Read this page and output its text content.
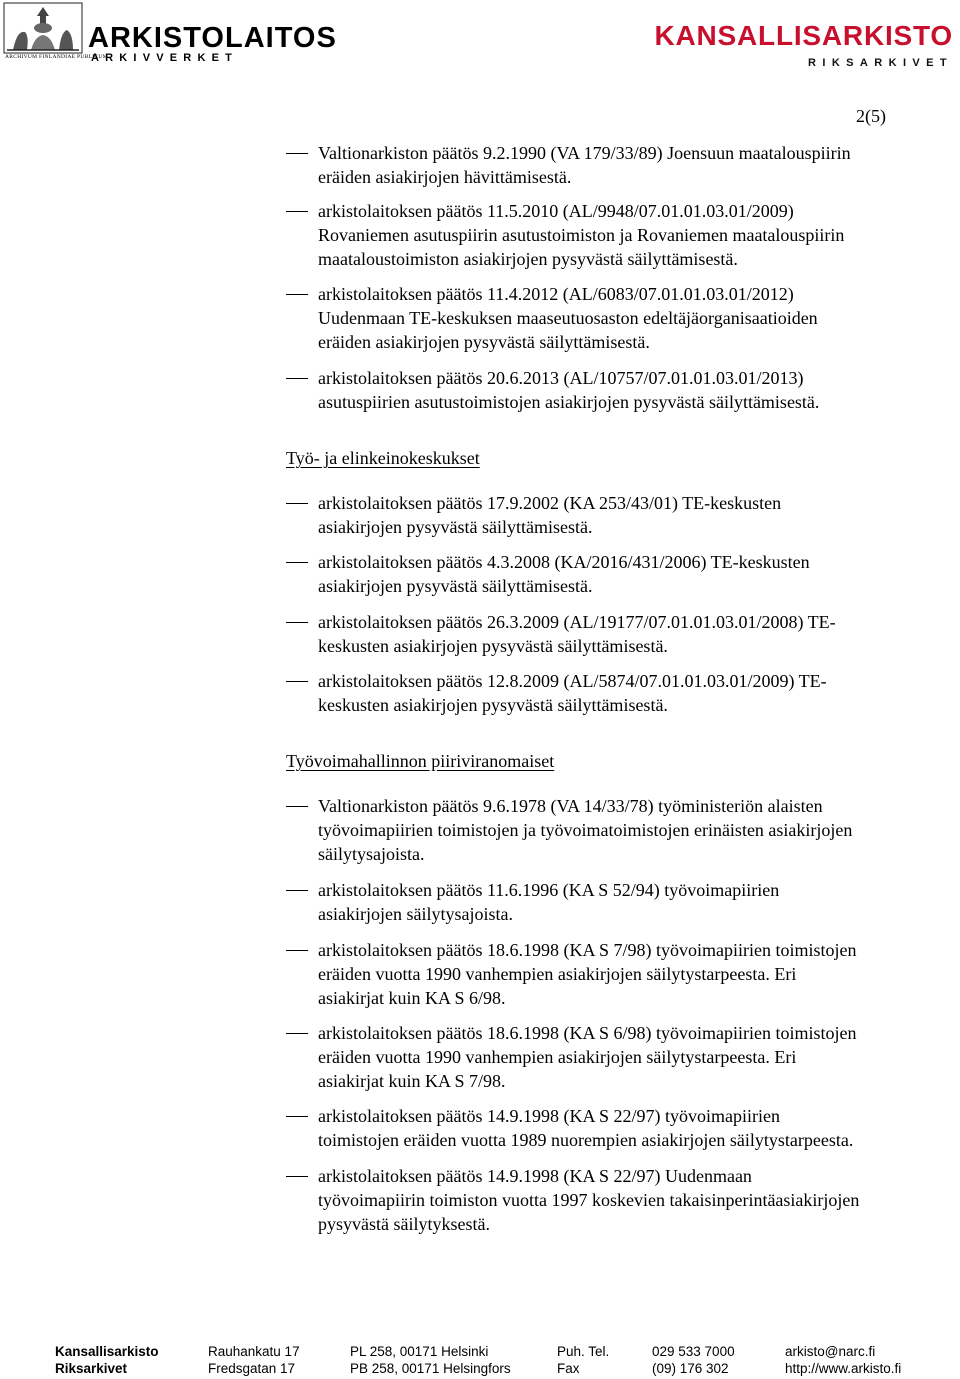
ARKISTOLAITOS
ARKIVVERKET
ARCHIVUM FINLANDIAE PUBLICUM
KANSALLISARKISTO
RIKSARKIVET
2(5)
Valtionarkiston päätös 9.2.1990 (VA 179/33/89) Joensuun maatalouspiirin
eräiden asiakirjojen hävittämisestä.
arkistolaitoksen päätös 11.5.2010 (AL/9948/07.01.01.03.01/2009)
Rovaniemen asutuspiirin asutustoimiston ja Rovaniemen maatalouspiirin
maataloustoimiston asiakirjojen pysyvästä säilyttämisestä.
arkistolaitoksen päätös 11.4.2012 (AL/6083/07.01.01.03.01/2012)
Uudenmaan TE-keskuksen maaseutuosaston edeltäjäorganisaatioiden
eräiden asiakirjojen pysyvästä säilyttämisestä.
arkistolaitoksen päätös 20.6.2013 (AL/10757/07.01.01.03.01/2013)
asutuspiirien asutustoimistojen asiakirjojen pysyvästä säilyttämisestä.
Työ- ja elinkeinokeskukset
arkistolaitoksen päätös 17.9.2002 (KA 253/43/01) TE-keskusten
asiakirjojen pysyvästä säilyttämisestä.
arkistolaitoksen päätös 4.3.2008 (KA/2016/431/2006) TE-keskusten
asiakirjojen pysyvästä säilyttämisestä.
arkistolaitoksen päätös 26.3.2009 (AL/19177/07.01.01.03.01/2008) TE-
keskusten asiakirjojen pysyvästä säilyttämisestä.
arkistolaitoksen päätös 12.8.2009 (AL/5874/07.01.01.03.01/2009) TE-
keskusten asiakirjojen pysyvästä säilyttämisestä.
Työvoimahallinnon piiriviranomaiset
Valtionarkiston päätös 9.6.1978 (VA 14/33/78) työministeriön alaisten
työvoimapiirien toimistojen ja työvoimatoimistojen erinäisten asiakirjojen
säilytysajoista.
arkistolaitoksen päätös 11.6.1996 (KA S 52/94) työvoimapiirien
asiakirjojen säilytysajoista.
arkistolaitoksen päätös 18.6.1998 (KA S 7/98) työvoimapiirien toimistojen
eräiden vuotta 1990 vanhempien asiakirjojen säilytystarpeesta. Eri
asiakirjat kuin KA S 6/98.
arkistolaitoksen päätös 18.6.1998 (KA S 6/98) työvoimapiirien toimistojen
eräiden vuotta 1990 vanhempien asiakirjojen säilytystarpeesta. Eri
asiakirjat kuin KA S 7/98.
arkistolaitoksen päätös 14.9.1998 (KA S 22/97) työvoimapiirien
toimistojen eräiden vuotta 1989 nuorempien asiakirjojen säilytystarpeesta.
arkistolaitoksen päätös 14.9.1998 (KA S 22/97) Uudenmaan
työvoimapiirin toimiston vuotta 1997 koskevien takaisinperintäasiakirjojen
pysyvästä säilytyksestä.
Kansallisarkisto	Rauhankatu 17	PL 258, 00171 Helsinki	Puh. Tel.	029 533 7000	arkisto@narc.fi
Riksarkivet	Fredsgatan 17	PB 258, 00171 Helsingfors	Fax	(09) 176 302	http://www.arkisto.fi
